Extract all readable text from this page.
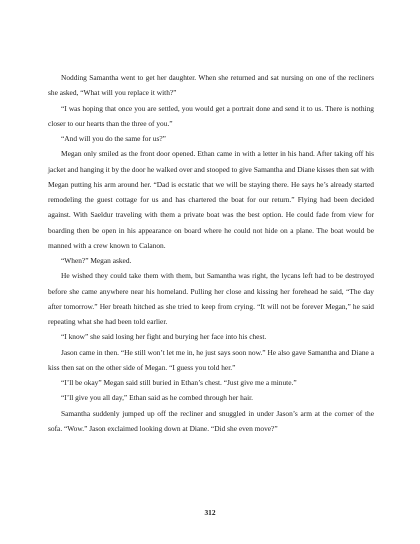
Nodding Samantha went to get her daughter. When she returned and sat nursing on one of the recliners she asked, “What will you replace it with?”

“I was hoping that once you are settled, you would get a portrait done and send it to us. There is nothing closer to our hearts than the three of you.”

“And will you do the same for us?”

Megan only smiled as the front door opened. Ethan came in with a letter in his hand. After taking off his jacket and hanging it by the door he walked over and stooped to give Samantha and Diane kisses then sat with Megan putting his arm around her. “Dad is ecstatic that we will be staying there. He says he’s already started remodeling the guest cottage for us and has chartered the boat for our return.” Flying had been decided against. With Saeldur traveling with them a private boat was the best option. He could fade from view for boarding then be open in his appearance on board where he could not hide on a plane. The boat would be manned with a crew known to Calanon.

“When?” Megan asked.

He wished they could take them with them, but Samantha was right, the lycans left had to be destroyed before she came anywhere near his homeland. Pulling her close and kissing her forehead he said, “The day after tomorrow.” Her breath hitched as she tried to keep from crying. “It will not be forever Megan,” he said repeating what she had been told earlier.

“I know” she said losing her fight and burying her face into his chest.

Jason came in then. “He still won’t let me in, he just says soon now.” He also gave Samantha and Diane a kiss then sat on the other side of Megan. “I guess you told her.”

“I’ll be okay” Megan said still buried in Ethan’s chest. “Just give me a minute.”

“I’ll give you all day,” Ethan said as he combed through her hair.

Samantha suddenly jumped up off the recliner and snuggled in under Jason’s arm at the corner of the sofa. “Wow.” Jason exclaimed looking down at Diane. “Did she even move?”

312
